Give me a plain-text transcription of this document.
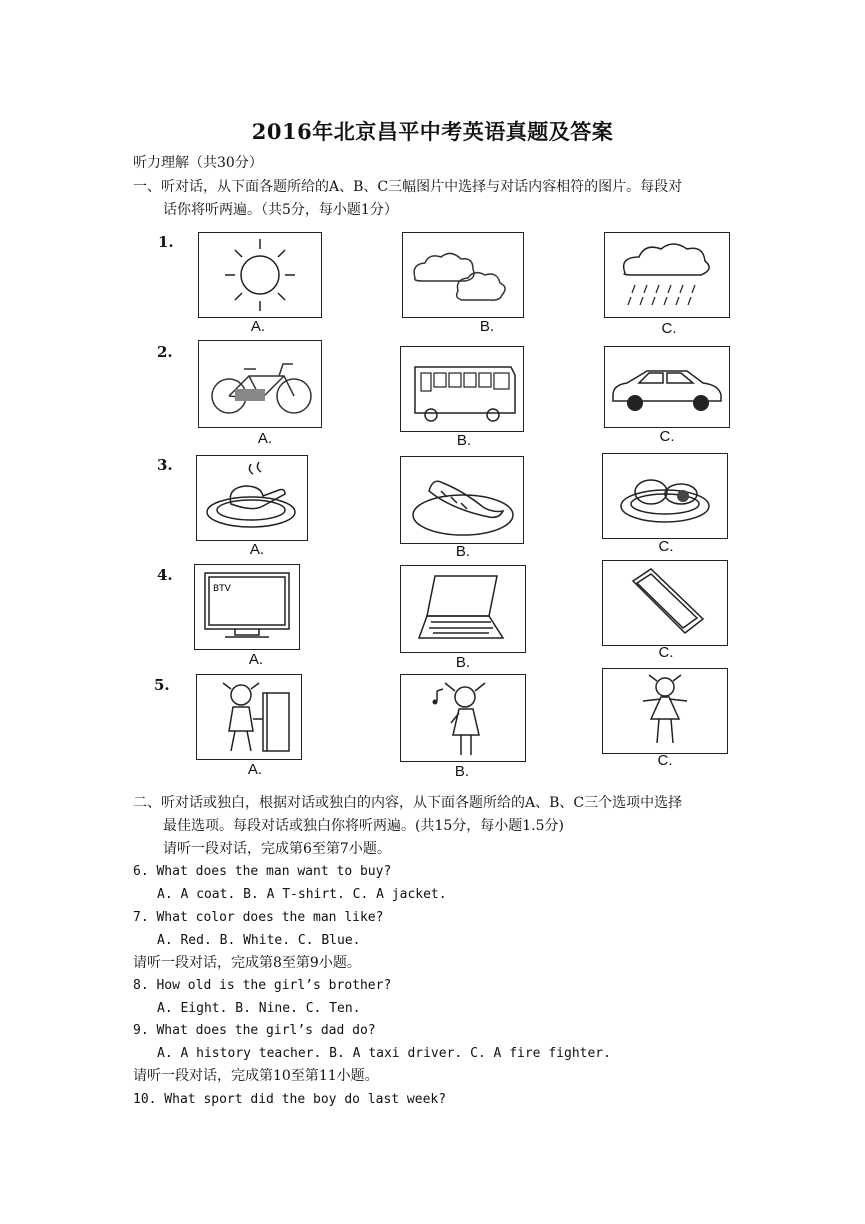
2016年北京昌平中考英语真题及答案
听力理解（共30分）
一、听对话，从下面各题所给的A、B、C三幅图片中选择与对话内容相符的图片。每段对
话你将听两遍。（共5分，每小题1分）
1.
2.
3.
4.
5.
A.	B.	C.
A.	B.	C.
A.	B.	C.
BTV
A.	B.
C.
A.	B.
C.
二、听对话或独白，根据对话或独白的内容，从下面各题所给的A、B、C三个选项中选择
最佳选项。每段对话或独白你将听两遍。(共15分，每小题1.5分)
请听一段对话，完成第6至第7小题。
6. What does the man want to buy?
A. A coat. B. A T-shirt. C. A jacket.
7. What color does the man like?
A. Red. B. White. C. Blue.
请听一段对话，完成第8至第9小题。
8. How old is the girl’s brother?
A. Eight. B. Nine. C. Ten.
9. What does the girl’s dad do?
A. A history teacher. B. A taxi driver. C. A fire fighter.
请听一段对话，完成第10至第11小题。
10. What sport did the boy do last week?
